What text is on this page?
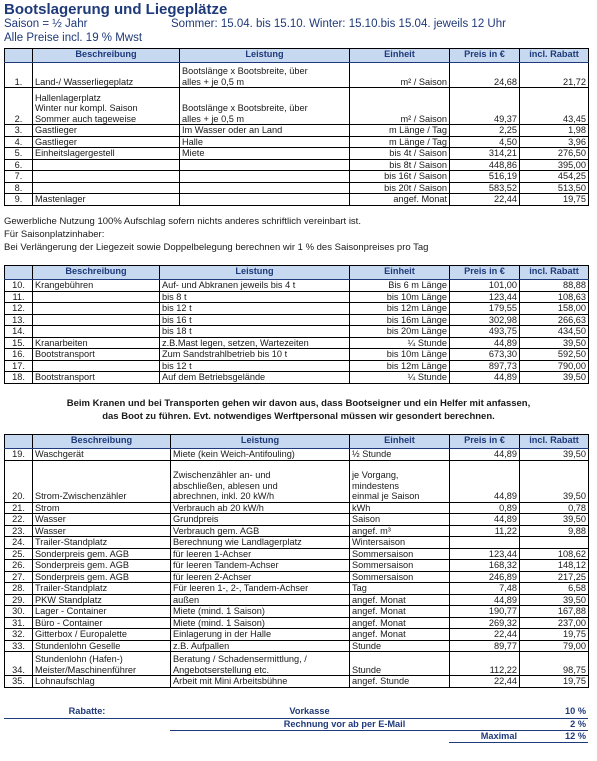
Bootslagerung und Liegeplätze
Saison = ½ Jahr	Sommer: 15.04. bis 15.10. Winter: 15.10.bis 15.04. jeweils 12 Uhr
Alle Preise incl. 19 % Mwst
	Beschreibung	Leistung	Einheit	Preis in €	incl. Rabatt
1.	Land-/ Wasserliegeplatz	Bootslänge x Bootsbreite, über
alles + je 0,5 m	m² / Saison	24,68	21,72
2.	Hallenlagerplatz
Winter nur kompl. Saison
Sommer auch tageweise	Bootslänge x Bootsbreite, über
alles + je 0,5 m	m² / Saison	49,37	43,45
3.	Gastlieger	Im Wasser oder an Land	m Länge / Tag	2,25	1,98
4.	Gastlieger	Halle	m Länge / Tag	4,50	3,96
5.	Einheitslagergestell	Miete	bis 4t / Saison	314,21	276,50
6.			bis 8t / Saison	448,86	395,00
7.			bis 16t / Saison	516,19	454,25
8.			bis 20t / Saison	583,52	513,50
9.	Mastenlager		angef. Monat	22,44	19,75
Gewerbliche Nutzung 100% Aufschlag sofern nichts anderes schriftlich vereinbart ist.
Für Saisonplatzinhaber:
Bei Verlängerung der Liegezeit sowie Doppelbelegung berechnen wir 1 % des Saisonpreises pro Tag
	Beschreibung	Leistung	Einheit	Preis in €	incl. Rabatt
10.	Krangebühren	Auf- und Abkranen jeweils bis 4 t	Bis 6 m Länge	101,00	88,88
11.		bis 8 t	bis 10m Länge	123,44	108,63
12.		bis 12 t	bis 12m Länge	179,55	158,00
13.		bis 16 t	bis 16m Länge	302,98	266,63
14.		bis 18 t	bis 20m Länge	493,75	434,50
15.	Kranarbeiten	z.B.Mast legen, setzen, Wartezeiten	¼ Stunde	44,89	39,50
16.	Bootstransport	Zum Sandstrahlbetrieb bis 10 t	bis 10m Länge	673,30	592,50
17.		bis 12 t	bis 12m Länge	897,73	790,00
18.	Bootstransport	Auf dem Betriebsgelände	¼ Stunde	44,89	39,50
Beim Kranen und bei Transporten gehen wir davon aus, dass Bootseigner und ein Helfer mit anfassen,
das Boot zu führen. Evt. notwendiges Werftpersonal müssen wir gesondert berechnen.
	Beschreibung	Leistung	Einheit	Preis in €	incl. Rabatt
19.	Waschgerät	Miete (kein Weich-Antifouling)	½ Stunde	44,89	39,50
20.	Strom-Zwischenzähler	Zwischenzähler an- und
abschließen, ablesen und
abrechnen, inkl. 20 kW/h	je Vorgang,
mindestens
einmal je Saison	44,89	39,50
21.	Strom	Verbrauch ab 20 kW/h	kWh	0,89	0,78
22.	Wasser	Grundpreis	Saison	44,89	39,50
23.	Wasser	Verbrauch gem. AGB	angef. m³	11,22	9,88
24.	Trailer-Standplatz	Berechnung wie Landlagerplatz	Wintersaison		
25.	Sonderpreis gem. AGB	für leeren 1-Achser	Sommersaison	123,44	108,62
26.	Sonderpreis gem. AGB	für leeren Tandem-Achser	Sommersaison	168,32	148,12
27.	Sonderpreis gem. AGB	für leeren 2-Achser	Sommersaison	246,89	217,25
28.	Trailer-Standplatz	Für leeren 1-, 2-, Tandem-Achser	Tag	7,48	6,58
29.	PKW Standplatz	außen	angef. Monat	44,89	39,50
30.	Lager - Container	Miete (mind. 1 Saison)	angef. Monat	190,77	167,88
31.	Büro - Container	Miete (mind. 1 Saison)	angef. Monat	269,32	237,00
32.	Gitterbox / Europalette	Einlagerung in der Halle	angef. Monat	22,44	19,75
33.	Stundenlohn Geselle	z.B. Aufpallen	Stunde	89,77	79,00
34.	Stundenlohn (Hafen-)
Meister/Maschinenführer	Beratung / Schadensermittlung, /
Angebotserstellung etc.	Stunde	112,22	98,75
35.	Lohnaufschlag	Arbeit mit Mini Arbeitsbühne	angef. Stunde	22,44	19,75
Rabatte:	Vorkasse		10 %
	Rechnung vor ab per E-Mail		2 %
		Maximal	12 %
